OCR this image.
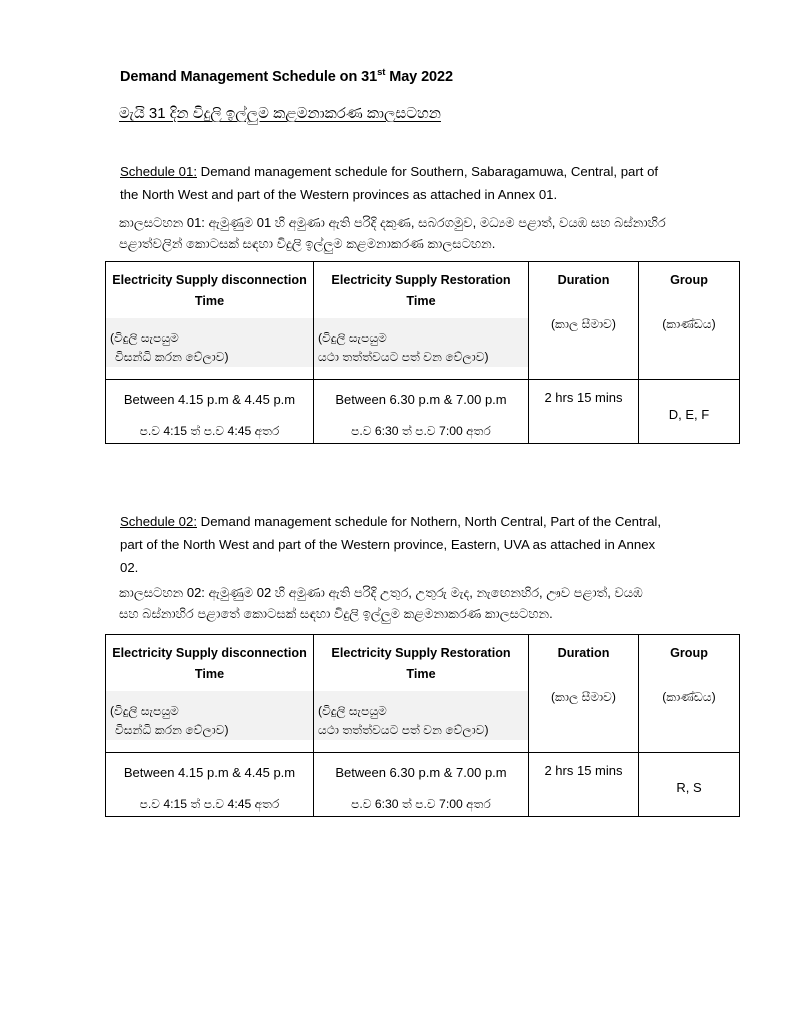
Demand Management Schedule on 31st May 2022
මැයි 31 දින විදුලි ඉල්ලුම කළමනාකරණ කාලසටහන
Schedule 01: Demand management schedule for Southern, Sabaragamuwa, Central, part of
the North West and part of the Western provinces as attached in Annex 01.
කාලසටහන 01: ඇමුණුම 01 හි අමුණා ඇති පරිදි දකුණ, සබරගමුව, මධ්‍යම පළාත්, වයඹ සහ බස්නාහිර
පළාත්වලින් කොටසක් සඳහා විදුලි ඉල්ලුම කළමනාකරණ කාලසටහන.
Electricity Supply disconnection
Time
(විදුලි සැපයුම
විසන්ධි කරන වේලාව)	Electricity Supply Restoration
Time
(විදුලි සැපයුම
යථා තත්ත්වයට පත් වන වේලාව)	Duration
(කාල සීමාව)	Group
(කාණ්ඩය)

Between 4.15 p.m & 4.45 p.m
ප.ව 4:15 ත් ප.ව 4:45 අතර	Between 6.30 p.m & 7.00 p.m
ප.ව 6:30 ත් ප.ව 7:00 අතර	2 hrs 15 mins	D, E, F
Schedule 02: Demand management schedule for Nothern, North Central, Part of the Central,
part of the North West and part of the Western province, Eastern, UVA as attached in Annex
02.
කාලසටහන 02: ඇමුණුම 02 හි අමුණා ඇති පරිදි උතුර, උතුරු මැද, නැඟෙනහිර, ඌව පළාත්, වයඹ
සහ බස්නාහිර පළාතේ කොටසක් සඳහා විදුලි ඉල්ලුම කළමනාකරණ කාලසටහන.
Electricity Supply disconnection
Time
(විදුලි සැපයුම
විසන්ධි කරන වේලාව)	Electricity Supply Restoration
Time
(විදුලි සැපයුම
යථා තත්ත්වයට පත් වන වේලාව)	Duration
(කාල සීමාව)	Group
(කාණ්ඩය)

Between 4.15 p.m & 4.45 p.m
ප.ව 4:15 ත් ප.ව 4:45 අතර	Between 6.30 p.m & 7.00 p.m
ප.ව 6:30 ත් ප.ව 7:00 අතර	2 hrs 15 mins	R, S
